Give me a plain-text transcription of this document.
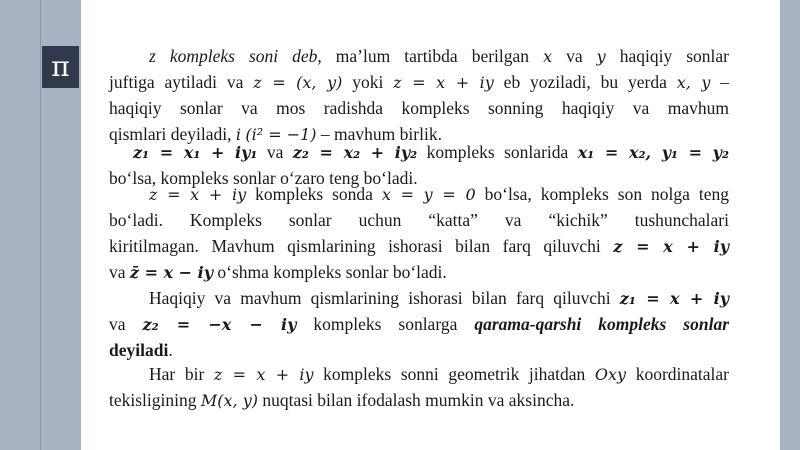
π	z kompleks soni deb, ma’lum tartibda berilgan x va y haqiqiy sonlar
juftiga aytiladi va z = (x, y) yoki z = x + iy eb yoziladi, bu yerda x, y –
haqiqiy sonlar va mos radishda kompleks sonning haqiqiy va mavhum
qismlari deyiladi, i (i² = −1) – mavhum birlik.
z₁ = x₁ + iy₁ va z₂ = x₂ + iy₂ kompleks sonlarida x₁ = x₂, y₁ = y₂
bo‘lsa, kompleks sonlar o‘zaro teng bo‘ladi.
z = x + iy kompleks sonda x = y = 0 bo‘lsa, kompleks son nolga teng
bo‘ladi. Kompleks sonlar uchun “katta” va “kichik” tushunchalari
kiritilmagan. Mavhum qismlarining ishorasi bilan farq qiluvchi z = x + iy
va z̄ = x − iy o‘shma kompleks sonlar bo‘ladi.
Haqiqiy va mavhum qismlarining ishorasi bilan farq qiluvchi z₁ = x + iy
va z₂ = −x − iy kompleks sonlarga qarama-qarshi kompleks sonlar
deyiladi.
Har bir z = x + iy kompleks sonni geometrik jihatdan Oxy koordinatalar
tekisligining M(x, y) nuqtasi bilan ifodalash mumkin va aksincha.
